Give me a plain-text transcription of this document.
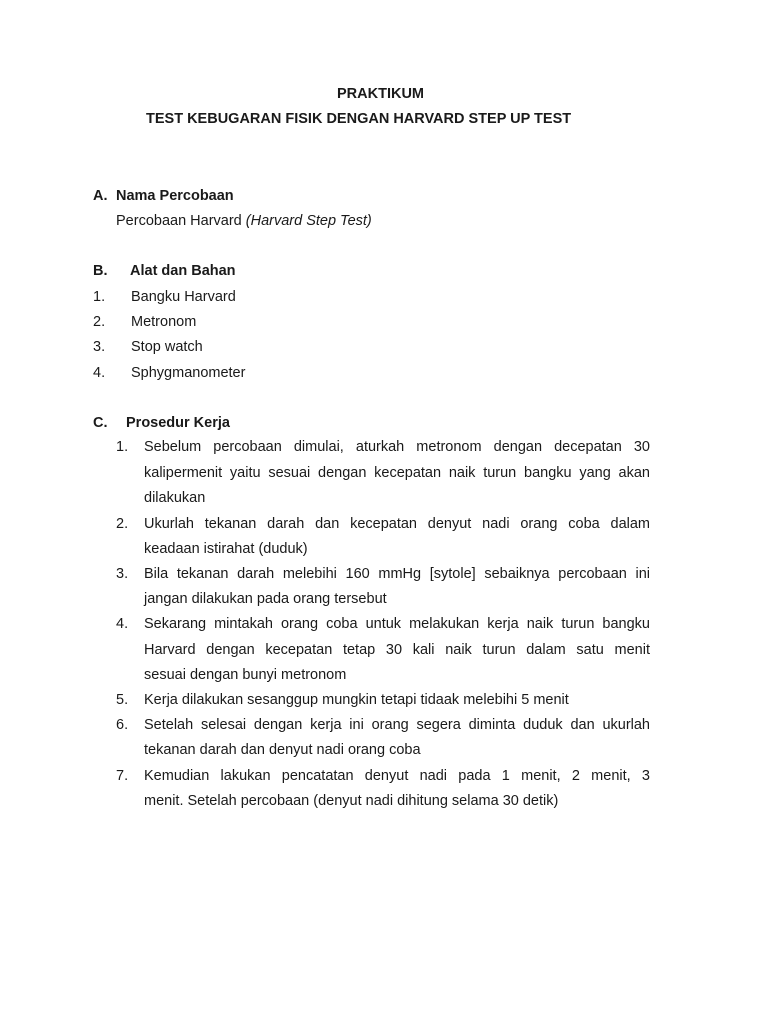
PRAKTIKUM
TEST KEBUGARAN FISIK DENGAN HARVARD STEP UP TEST
A. Nama Percobaan
Percobaan Harvard (Harvard Step Test)
B. Alat dan Bahan
1. Bangku Harvard
2. Metronom
3. Stop watch
4. Sphygmanometer
C. Prosedur Kerja
1. Sebelum percobaan dimulai, aturkah metronom dengan decepatan 30
kalipermenit yaitu sesuai dengan kecepatan naik turun bangku yang akan
dilakukan
2. Ukurlah tekanan darah dan kecepatan denyut nadi orang coba dalam
keadaan istirahat (duduk)
3. Bila tekanan darah melebihi 160 mmHg [sytole] sebaiknya percobaan ini
jangan dilakukan pada orang tersebut
4. Sekarang mintakah orang coba untuk melakukan kerja naik turun bangku
Harvard dengan kecepatan tetap 30 kali naik turun dalam satu menit
sesuai dengan bunyi metronom
5. Kerja dilakukan sesanggup mungkin tetapi tidaak melebihi 5 menit
6. Setelah selesai dengan kerja ini orang segera diminta duduk dan ukurlah
tekanan darah dan denyut nadi orang coba
7. Kemudian lakukan pencatatan denyut nadi pada 1 menit, 2 menit, 3
menit. Setelah percobaan (denyut nadi dihitung selama 30 detik)
